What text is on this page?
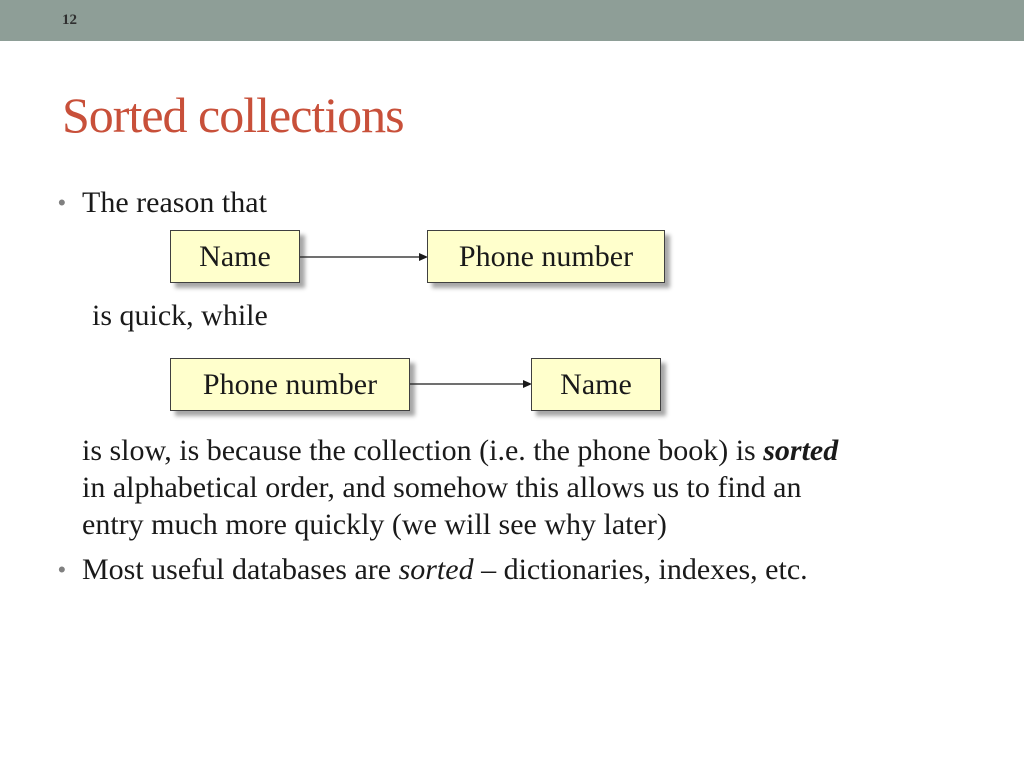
12
Sorted collections
• The reason that
Name	Phone number
is quick, while
Phone number	Name
is slow, is because the collection (i.e. the phone book) is sorted
in alphabetical order, and somehow this allows us to find an
entry much more quickly (we will see why later)
• Most useful databases are sorted – dictionaries, indexes, etc.
